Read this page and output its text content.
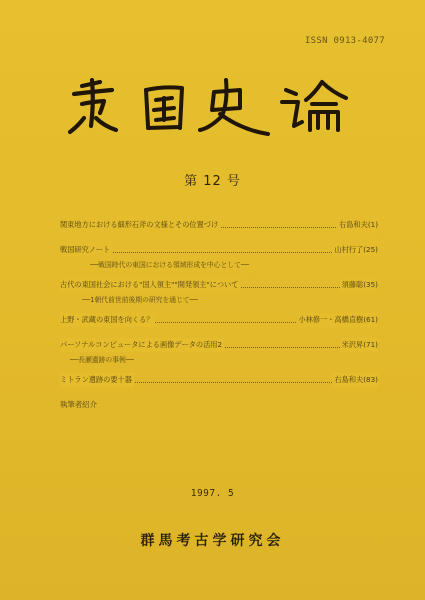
ISSN 0913-4077
第 12 号
関東地方における細形石斧の文様とその位置づけ	右島和夫(1)
戦国研究ノート	山村行了(25)
──戦国時代の東国における領域形成を中心として──
古代の東国社会における"国人領主""開発領主"について	須藤聡(35)
──1朝代前世前後期の研究を通じて──
上野・武蔵の東国を向くる？	小林修一・高橋直樹(61)
パーソナルコンピュータによる画像データの活用2	米沢昇(71)
──長瀬遺跡の事例──
ミトラン遺跡の要十器	右島和夫(83)
執筆者紹介
1997. 5
群馬考古学研究会
